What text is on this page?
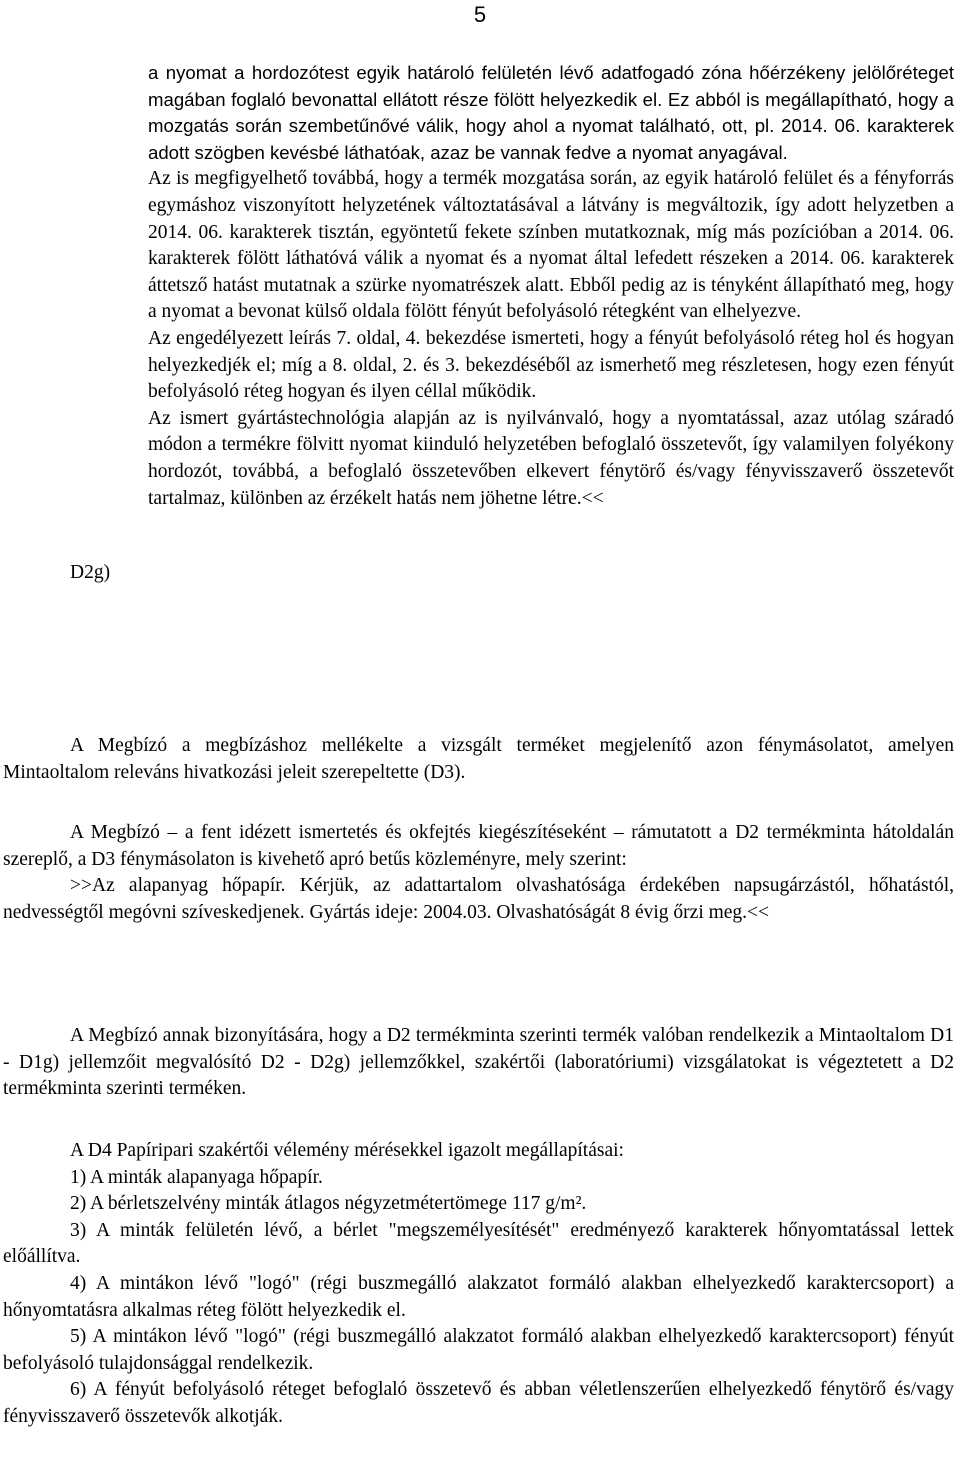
5

a nyomat a hordozótest egyik határoló felületén lévő adatfogadó zóna hőérzékeny jelölőréteget magában foglaló bevonattal ellátott része fölött helyezkedik el. Ez abból is megállapítható, hogy a mozgatás során szembetűnővé válik, hogy ahol a nyomat található, ott, pl. 2014. 06. karakterek adott szögben kevésbé láthatóak, azaz be vannak fedve a nyomat anyagával.

Az is megfigyelhető továbbá, hogy a termék mozgatása során, az egyik határoló felület és a fényforrás egymáshoz viszonyított helyzetének változtatásával a látvány is megváltozik, így adott helyzetben a 2014. 06. karakterek tisztán, egyöntetű fekete színben mutatkoznak, míg más pozícióban a 2014. 06. karakterek fölött láthatóvá válik a nyomat és a nyomat által lefedett részeken a 2014. 06. karakterek áttetsző hatást mutatnak a szürke nyomatrészek alatt. Ebből pedig az is tényként állapítható meg, hogy a nyomat a bevonat külső oldala fölött fényút befolyásoló rétegként van elhelyezve.

Az engedélyezett leírás 7. oldal, 4. bekezdése ismerteti, hogy a fényút befolyásoló réteg hol és hogyan helyezkedjék el; míg a 8. oldal, 2. és 3. bekezdéséből az ismerhető meg részletesen, hogy ezen fényút befolyásoló réteg hogyan és ilyen céllal működik.

Az ismert gyártástechnológia alapján az is nyilvánvaló, hogy a nyomtatással, azaz utólag száradó módon a termékre fölvitt nyomat kiinduló helyzetében befoglaló összetevőt, így valamilyen folyékony hordozót, továbbá, a befoglaló összetevőben elkevert fénytörő és/vagy fényvisszaverő összetevőt tartalmaz, különben az érzékelt hatás nem jöhetne létre.<<

D2g)

A Megbízó a megbízáshoz mellékelte a vizsgált terméket megjelenítő azon fénymásolatot, amelyen Mintaoltalom releváns hivatkozási jeleit szerepeltette (D3).

A Megbízó – a fent idézett ismertetés és okfejtés kiegészítéseként – rámutatott a D2 termékminta hátoldalán szereplő, a D3 fénymásolaton is kivehető apró betűs közleményre, mely szerint:

>>Az alapanyag hőpapír. Kérjük, az adattartalom olvashatósága érdekében napsugárzástól, hőhatástól, nedvességtől megóvni szíveskedjenek. Gyártás ideje: 2004.03. Olvashatóságát 8 évig őrzi meg.<<

A Megbízó annak bizonyítására, hogy a D2 termékminta szerinti termék valóban rendelkezik a Mintaoltalom D1 - D1g) jellemzőit megvalósító D2 - D2g) jellemzőkkel, szakértői (laboratóriumi) vizsgálatokat is végeztetett a D2 termékminta szerinti terméken.

A D4 Papíripari szakértői vélemény mérésekkel igazolt megállapításai:

1) A minták alapanyaga hőpapír.

2) A bérletszelvény minták átlagos négyzetmétertömege 117 g/m².

3) A minták felületén lévő, a bérlet "megszemélyesítését" eredményező karakterek hőnyomtatással lettek előállítva.

4) A mintákon lévő "logó" (régi buszmegálló alakzatot formáló alakban elhelyezkedő karaktercsoport) a hőnyomtatásra alkalmas réteg fölött helyezkedik el.

5) A mintákon lévő "logó" (régi buszmegálló alakzatot formáló alakban elhelyezkedő karaktercsoport) fényút befolyásoló tulajdonsággal rendelkezik.

6) A fényút befolyásoló réteget befoglaló összetevő és abban véletlenszerűen elhelyezkedő fénytörő és/vagy fényvisszaverő összetevők alkotják.
